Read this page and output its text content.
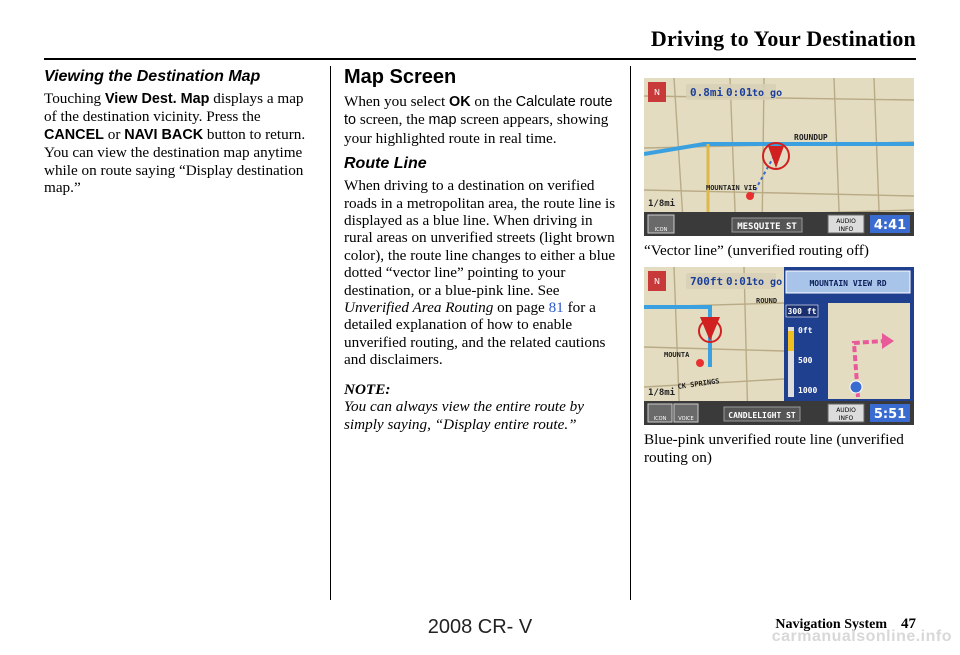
Driving to Your Destination
Viewing the Destination Map

Touching View Dest. Map displays a map of the destination vicinity. Press the CANCEL or NAVI BACK button to return. You can view the destination map anytime while on route saying “Display destination map.”

Map Screen

When you select OK on the Calculate route to screen, the map screen appears, showing your highlighted route in real time.

Route Line

When driving to a destination on verified roads in a metropolitan area, the route line is displayed as a blue line. When driving in rural areas on unverified streets (light brown color), the route line changes to either a blue dotted “vector line” pointing to your destination, or a blue-pink line. See Unverified Area Routing on page 81 for a detailed explanation of how to enable unverified routing, and the related cautions and disclaimers.

NOTE:

You can always view the entire route by simply saying, “Display entire route.”

ROUNDUP
MOUNTAIN VIE
N	0.8mi 0:01 to go
1/8mi
ICON	MESQUITE ST
AUDIO
INFO 4:41
“Vector line” (unverified routing off)
ROUND
MOUNTA
CK SPRINGS
N	700ft 0:01 to go
1/8mi
MOUNTAIN VIEW RD
300 ft
0ft
500
1000
ICON VOICE	CANDLELIGHT ST
AUDIO
INFO 5:51
Blue-pink unverified route line (unverified routing on)
Navigation System 47
2008 CR- V	carmanualsonline.info
